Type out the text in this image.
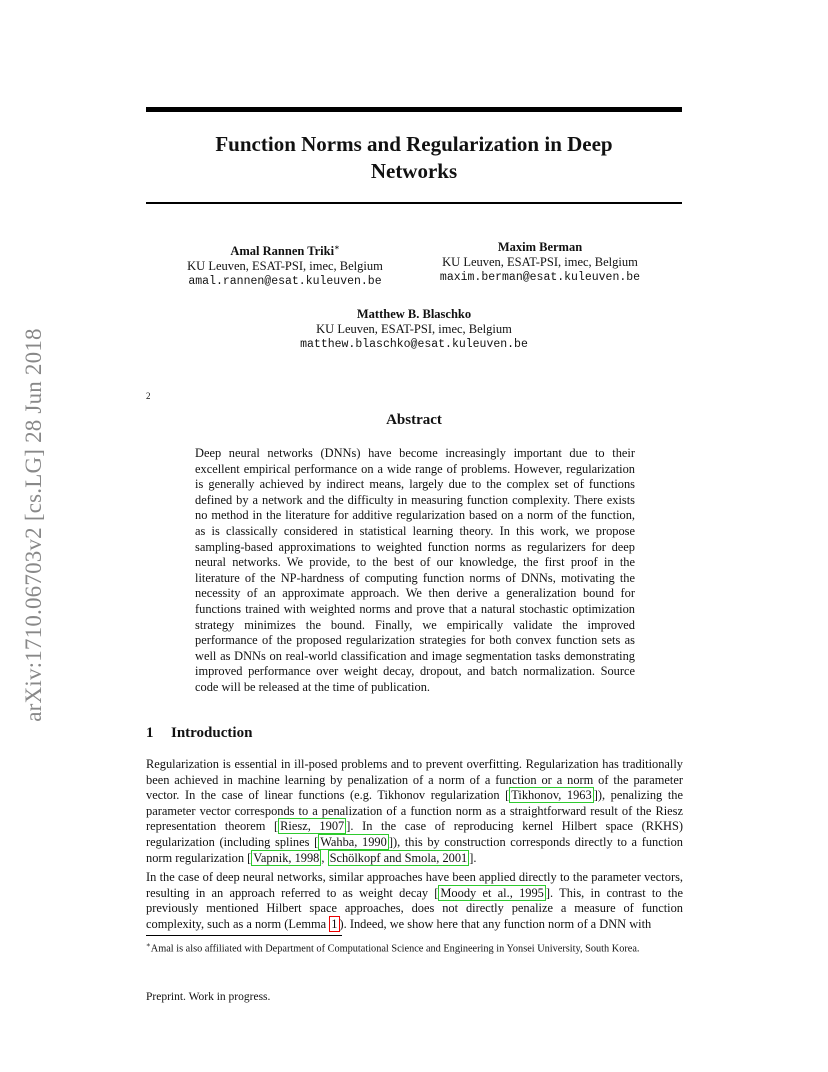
arXiv:1710.06703v2 [cs.LG] 28 Jun 2018
Function Norms and Regularization in Deep
Networks
Amal Rannen Triki∗
KU Leuven, ESAT-PSI, imec, Belgium
amal.rannen@esat.kuleuven.be
Maxim Berman
KU Leuven, ESAT-PSI, imec, Belgium
maxim.berman@esat.kuleuven.be
Matthew B. Blaschko
KU Leuven, ESAT-PSI, imec, Belgium
matthew.blaschko@esat.kuleuven.be
2
Abstract
Deep neural networks (DNNs) have become increasingly important due to their excellent empirical performance on a wide range of problems. However, regularization is generally achieved by indirect means, largely due to the complex set of functions defined by a network and the difficulty in measuring function complexity. There exists no method in the literature for additive regularization based on a norm of the function, as is classically considered in statistical learning theory. In this work, we propose sampling-based approximations to weighted function norms as regularizers for deep neural networks. We provide, to the best of our knowledge, the first proof in the literature of the NP-hardness of computing function norms of DNNs, motivating the necessity of an approximate approach. We then derive a generalization bound for functions trained with weighted norms and prove that a natural stochastic optimization strategy minimizes the bound. Finally, we empirically validate the improved performance of the proposed regularization strategies for both convex function sets as well as DNNs on real-world classification and image segmentation tasks demonstrating improved performance over weight decay, dropout, and batch normalization. Source code will be released at the time of publication.
1 Introduction
Regularization is essential in ill-posed problems and to prevent overfitting. Regularization has traditionally been achieved in machine learning by penalization of a norm of a function or a norm of the parameter vector. In the case of linear functions (e.g. Tikhonov regularization [ Tikhonov, 1963 ]), penalizing the parameter vector corresponds to a penalization of a function norm as a straightforward result of the Riesz representation theorem [ Riesz, 1907 ]. In the case of reproducing kernel Hilbert space (RKHS) regularization (including splines [ Wahba, 1990 ]), this by construction corresponds directly to a function norm regularization [ Vapnik, 1998 , Schölkopf and Smola, 2001 ].
In the case of deep neural networks, similar approaches have been applied directly to the parameter vectors, resulting in an approach referred to as weight decay [ Moody et al., 1995 ]. This, in contrast to the previously mentioned Hilbert space approaches, does not directly penalize a measure of function complexity, such as a norm (Lemma 1 ). Indeed, we show here that any function norm of a DNN with
∗Amal is also affiliated with Department of Computational Science and Engineering in Yonsei University, South Korea.
Preprint. Work in progress.
